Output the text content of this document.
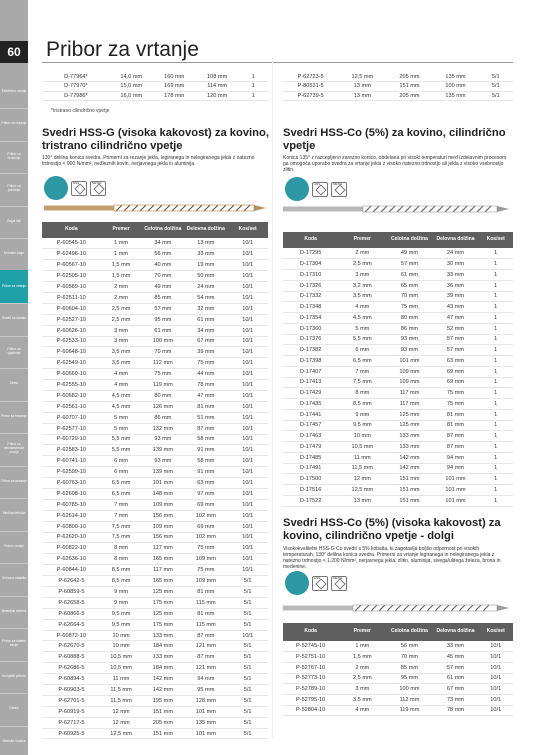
60
Električno orodje
Pribor za rezanje
Pribor za brušenje
Pribor za poliranje
Žagni listi
Kronske žage
Pribor za vrtanje
Svedri za kamen
Pribor za vijačenje
Dleta
Pribor za frezanje
Pribor za večnamenska orodja
Pribor za sesanje
Merilna tehnika
Ročno orodje
Delovna oblačila
Baterijski sistemi
Pribor za vrtalne stroje
Kompleti pribora
Ostalo
Stenske nosilce
Pribor za vrtanje
D-77964*	14,0 mm	160 mm	108 mm	1
D-77970*	15,0 mm	169 mm	114 mm	1
D-77986*	16,0 mm	178 mm	120 mm	1
*tristrano cilindrično vpetje
P-62723-5	12,5 mm	205 mm	135 mm	5/1
P-80531-5	13 mm	151 mm	100 mm	5/1
P-62739-5	13 mm	205 mm	135 mm	5/1
Svedri HSS-G (visoka kakovost) za kovino, tristrano cilindrično vpetje
130° delilna konica svedra. Primerni za rezanje jekla, legiranega in nelegiranega jekla z natezno trdnostjo < 900 N/mm², nežleznih kovin, nerjavnega jekla in aluminija.
HSS	METAL
Koda	Premer	Celotna dolžina	Delovna dolžina	Kos/set
P-60545-10	1 mm	34 mm	13 mm	10/1
P-62496-10	1 mm	56 mm	33 mm	10/1
P-60567-10	1,5 mm	40 mm	19 mm	10/1
P-62505-10	1,5 mm	70 mm	50 mm	10/1
P-60589-10	2 mm	49 mm	24 mm	10/1
P-62511-10	2 mm	85 mm	54 mm	10/1
P-60604-10	2,5 mm	57 mm	32 mm	10/1
P-62527-10	2,5 mm	95 mm	61 mm	10/1
P-60626-10	3 mm	61 mm	34 mm	10/1
P-62533-10	3 mm	100 mm	67 mm	10/1
P-60648-10	3,5 mm	70 mm	39 mm	10/1
P-62549-10	3,5 mm	112 mm	75 mm	10/1
P-60660-10	4 mm	75 mm	44 mm	10/1
P-62555-10	4 mm	119 mm	78 mm	10/1
P-60682-10	4,5 mm	80 mm	47 mm	10/1
P-62561-10	4,5 mm	126 mm	81 mm	10/1
P-60707-10	5 mm	86 mm	51 mm	10/1
P-62577-10	5 mm	132 mm	87 mm	10/1
P-60729-10	5,5 mm	93 mm	58 mm	10/1
P-62583-10	5,5 mm	139 mm	91 mm	10/1
P-60741-10	6 mm	93 mm	58 mm	10/1
P-62599-10	6 mm	139 mm	91 mm	10/1
P-60763-10	6,5 mm	101 mm	63 mm	10/1
P-62608-10	6,5 mm	148 mm	97 mm	10/1
P-60785-10	7 mm	109 mm	69 mm	10/1
P-62614-10	7 mm	156 mm	102 mm	10/1
P-60800-10	7,5 mm	109 mm	69 mm	10/1
P-62620-10	7,5 mm	156 mm	102 mm	10/1
P-60822-10	8 mm	117 mm	75 mm	10/1
P-62636-10	8 mm	165 mm	109 mm	10/1
P-60844-10	8,5 mm	117 mm	75 mm	10/1
P-62642-5	8,5 mm	165 mm	109 mm	5/1
P-60859-5	9 mm	125 mm	81 mm	5/1
P-62658-5	9 mm	175 mm	115 mm	5/1
P-60866-5	9,5 mm	125 mm	81 mm	5/1
P-62664-5	9,5 mm	175 mm	115 mm	5/1
P-60872-10	10 mm	133 mm	87 mm	10/1
P-62670-5	10 mm	184 mm	121 mm	5/1
P-60888-5	10,5 mm	133 mm	87 mm	5/1
P-62686-5	10,5 mm	184 mm	121 mm	5/1
P-60894-5	11 mm	142 mm	94 mm	5/1
P-60903-5	11,5 mm	142 mm	95 mm	5/1
P-62701-5	11,5 mm	195 mm	128 mm	5/1
P-60919-5	12 mm	151 mm	101 mm	5/1
P-62717-5	12 mm	205 mm	135 mm	5/1
P-60925-5	12,5 mm	151 mm	101 mm	5/1
Svedri HSS-Co (5%) za kovino, cilindrično vpetje
Konica 135° z razcepljeno zarezno konico, obdelana pri visoki temperaturi med izdelavnim procesom ga omogoča uporabo svedra za vrtanje jekla z visoko natezno trdnostjo ali jekla z visoko vsebnostjo zlitin.
HSS	METAL
Koda	Premer	Celotna dolžina	Delovna dolžina	Kos/set
D-17295	2 mm	49 mm	24 mm	1
D-17304	2,5 mm	57 mm	30 mm	1
D-17310	3 mm	61 mm	33 mm	1
D-17326	3,2 mm	65 mm	36 mm	1
D-17332	3,5 mm	70 mm	39 mm	1
D-17348	4 mm	75 mm	43 mm	1
D-17354	4,5 mm	80 mm	47 mm	1
D-17360	5 mm	86 mm	52 mm	1
D-17376	5,5 mm	93 mm	57 mm	1
D-17382	6 mm	93 mm	57 mm	1
D-17398	6,5 mm	101 mm	63 mm	1
D-17407	7 mm	109 mm	69 mm	1
D-17413	7,5 mm	109 mm	69 mm	1
D-17429	8 mm	117 mm	75 mm	1
D-17435	8,5 mm	117 mm	75 mm	1
D-17441	9 mm	125 mm	81 mm	1
D-17457	9,5 mm	125 mm	81 mm	1
D-17463	10 mm	133 mm	87 mm	1
D-17479	10,5 mm	133 mm	87 mm	1
D-17485	11 mm	142 mm	94 mm	1
D-17491	11,5 mm	142 mm	94 mm	1
D-17500	12 mm	151 mm	101 mm	1
D-17516	12,5 mm	151 mm	101 mm	1
D-17522	13 mm	151 mm	101 mm	1
Svedri HSS-Co (5%) (visoka kakovost) za kovino, cilindrično vpetje - dolgi
Visokokvalitetni HSS-G Co svedri s 5% kobalta, ki zagotavlja boljšo odpornost pri visokih temperaturah. 130° delilna konica svedra. Primerni za vrtanje legiranega in nelegiranega jekla z natezno trdnostjo < 1.200 N/mm², nerjavnega jekla, zlitin, aluminija, sivega/ulitega železa, brona in medenine.
HSS	METAL
Koda	Premer	Celotna dolžina	Delovna dolžina	Kos/set
P-52745-10	1 mm	56 mm	33 mm	10/1
P-52751-10	1,5 mm	70 mm	45 mm	10/1
P-52767-10	2 mm	85 mm	57 mm	10/1
P-52773-10	2,5 mm	95 mm	61 mm	10/1
P-52789-10	3 mm	100 mm	67 mm	10/1
P-52795-10	3,5 mm	112 mm	73 mm	10/1
P-52804-10	4 mm	119 mm	78 mm	10/1
